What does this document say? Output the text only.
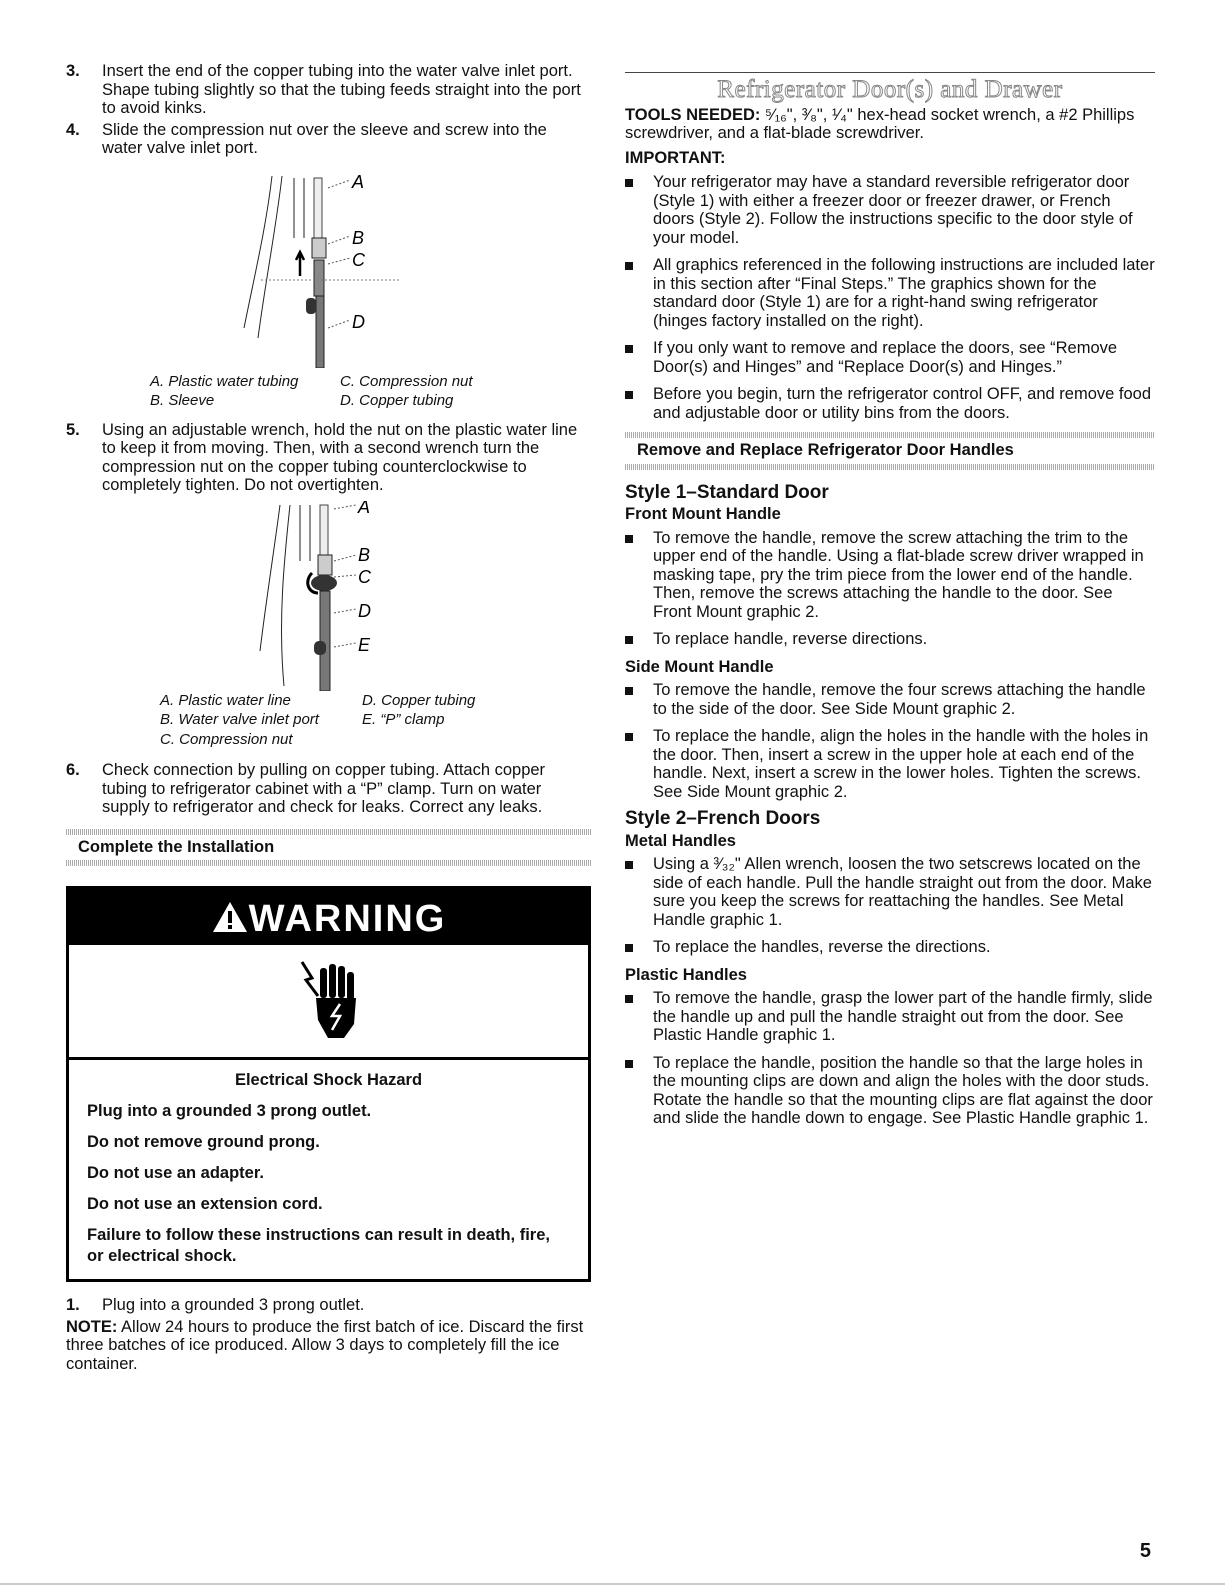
3.	Insert the end of the copper tubing into the water valve inlet port. Shape tubing slightly so that the tubing feeds straight into the port to avoid kinks.
4.	Slide the compression nut over the sleeve and screw into the water valve inlet port.
A
B
C
D
A. Plastic water tubing	C. Compression nut
B. Sleeve	D. Copper tubing
5.	Using an adjustable wrench, hold the nut on the plastic water line to keep it from moving. Then, with a second wrench turn the compression nut on the copper tubing counterclockwise to completely tighten. Do not overtighten.
A
B
C
D
E
A. Plastic water line	D. Copper tubing
B. Water valve inlet port	E. “P” clamp
C. Compression nut
6.	Check connection by pulling on copper tubing. Attach copper tubing to refrigerator cabinet with a “P” clamp. Turn on water supply to refrigerator and check for leaks. Correct any leaks.
Complete the Installation
WARNING

Electrical Shock Hazard

Plug into a grounded 3 prong outlet.

Do not remove ground prong.

Do not use an adapter.

Do not use an extension cord.

Failure to follow these instructions can result in death, fire, or electrical shock.

1.	Plug into a grounded 3 prong outlet.
NOTE: Allow 24 hours to produce the first batch of ice. Discard the first three batches of ice produced. Allow 3 days to completely fill the ice container.
Refrigerator Door(s) and Drawer
TOOLS NEEDED: ⁵⁄₁₆", ³⁄₈", ¹⁄₄" hex-head socket wrench, a #2 Phillips screwdriver, and a flat-blade screwdriver.
IMPORTANT:
Your refrigerator may have a standard reversible refrigerator door (Style 1) with either a freezer door or freezer drawer, or French doors (Style 2). Follow the instructions specific to the door style of your model.
All graphics referenced in the following instructions are included later in this section after “Final Steps.” The graphics shown for the standard door (Style 1) are for a right-hand swing refrigerator (hinges factory installed on the right).
If you only want to remove and replace the doors, see “Remove Door(s) and Hinges” and “Replace Door(s) and Hinges.”
Before you begin, turn the refrigerator control OFF, and remove food and adjustable door or utility bins from the doors.
Remove and Replace Refrigerator Door Handles
Style 1–Standard Door
Front Mount Handle
To remove the handle, remove the screw attaching the trim to the upper end of the handle. Using a flat-blade screw driver wrapped in masking tape, pry the trim piece from the lower end of the handle. Then, remove the screws attaching the handle to the door. See Front Mount graphic 2.
To replace handle, reverse directions.
Side Mount Handle
To remove the handle, remove the four screws attaching the handle to the side of the door. See Side Mount graphic 2.
To replace the handle, align the holes in the handle with the holes in the door. Then, insert a screw in the upper hole at each end of the handle. Next, insert a screw in the lower holes. Tighten the screws. See Side Mount graphic 2.
Style 2–French Doors
Metal Handles
Using a ³⁄₃₂" Allen wrench, loosen the two setscrews located on the side of each handle. Pull the handle straight out from the door. Make sure you keep the screws for reattaching the handles. See Metal Handle graphic 1.
To replace the handles, reverse the directions.
Plastic Handles
To remove the handle, grasp the lower part of the handle firmly, slide the handle up and pull the handle straight out from the door. See Plastic Handle graphic 1.
To replace the handle, position the handle so that the large holes in the mounting clips are down and align the holes with the door studs. Rotate the handle so that the mounting clips are flat against the door and slide the handle down to engage. See Plastic Handle graphic 1.
5
